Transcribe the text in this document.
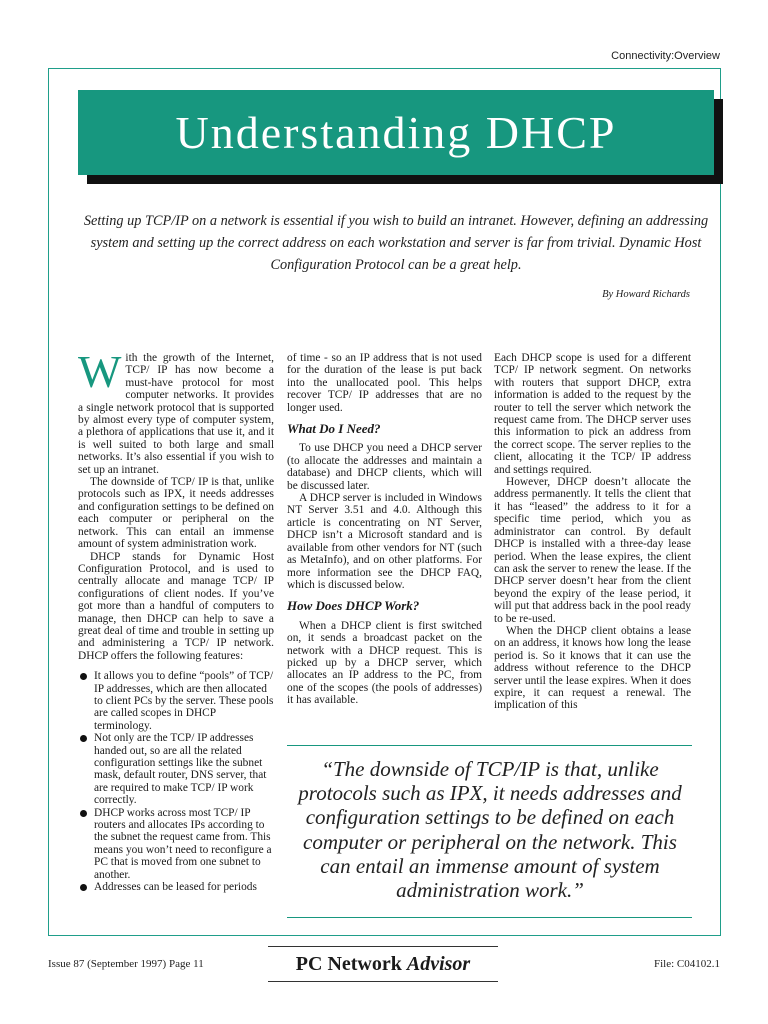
Connectivity:Overview
Understanding DHCP

Setting up TCP/IP on a network is essential if you wish to build an intranet. However, defining an addressing system and setting up the correct address on each workstation and server is far from trivial. Dynamic Host Configuration Protocol can be a great help.

By Howard Richards

With the growth of the Internet, TCP/ IP has now become a must-have protocol for most computer networks. It provides a single network protocol that is supported by almost every type of computer system, a plethora of applications that use it, and it is well suited to both large and small networks. It’s also essential if you wish to set up an intranet.

The downside of TCP/ IP is that, unlike protocols such as IPX, it needs addresses and configuration settings to be defined on each computer or peripheral on the network. This can entail an immense amount of system administration work.

DHCP stands for Dynamic Host Configuration Protocol, and is used to centrally allocate and manage TCP/ IP configurations of client nodes. If you’ve got more than a handful of computers to manage, then DHCP can help to save a great deal of time and trouble in setting up and administering a TCP/ IP network. DHCP offers the following features:

It allows you to define “pools” of TCP/ IP addresses, which are then allocated to client PCs by the server. These pools are called scopes in DHCP terminology.
Not only are the TCP/ IP addresses handed out, so are all the related configuration settings like the subnet mask, default router, DNS server, that are required to make TCP/ IP work correctly.
DHCP works across most TCP/ IP routers and allocates IPs according to the subnet the request came from. This means you won’t need to reconfigure a PC that is moved from one subnet to another.
Addresses can be leased for periods

of time - so an IP address that is not used for the duration of the lease is put back into the unallocated pool. This helps recover TCP/ IP addresses that are no longer used.

What Do I Need?

To use DHCP you need a DHCP server (to allocate the addresses and maintain a database) and DHCP clients, which will be discussed later.

A DHCP server is included in Windows NT Server 3.51 and 4.0. Although this article is concentrating on NT Server, DHCP isn’t a Microsoft standard and is available from other vendors for NT (such as MetaInfo), and on other platforms. For more information see the DHCP FAQ, which is discussed below.

How Does DHCP Work?

When a DHCP client is first switched on, it sends a broadcast packet on the network with a DHCP request. This is picked up by a DHCP server, which allocates an IP address to the PC, from one of the scopes (the pools of addresses) it has available.

Each DHCP scope is used for a different TCP/ IP network segment. On networks with routers that support DHCP, extra information is added to the request by the router to tell the server which network the request came from. The DHCP server uses this information to pick an address from the correct scope. The server replies to the client, allocating it the TCP/ IP address and settings required.

However, DHCP doesn’t allocate the address permanently. It tells the client that it has “leased” the address to it for a specific time period, which you as administrator can control. By default DHCP is installed with a three-day lease period. When the lease expires, the client can ask the server to renew the lease. If the DHCP server doesn’t hear from the client beyond the expiry of the lease period, it will put that address back in the pool ready to be re-used.

When the DHCP client obtains a lease on an address, it knows how long the lease period is. So it knows that it can use the address without reference to the DHCP server until the lease expires. When it does expire, it can request a renewal. The implication of this

“The downside of TCP/IP is that, unlike protocols such as IPX, it needs addresses and configuration settings to be defined on each computer or peripheral on the network. This can entail an immense amount of system administration work.”
Issue 87 (September 1997) Page 11	PC Network Advisor	File: C04102.1
